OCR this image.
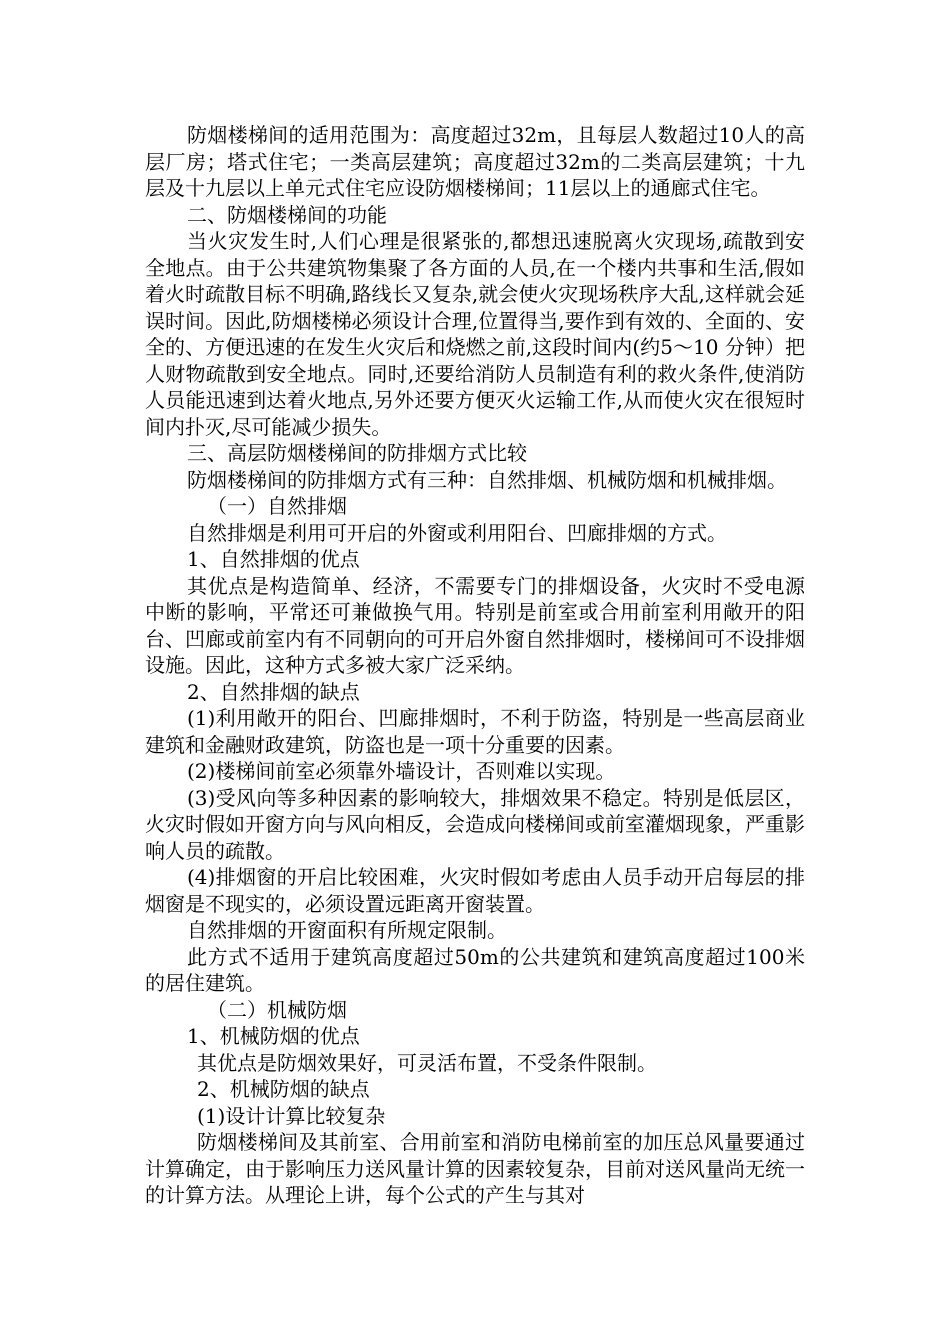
防烟楼梯间的适用范围为：高度超过32m，且每层人数超过10人的高层厂房；塔式住宅；一类高层建筑；高度超过32m的二类高层建筑；十九层及十九层以上单元式住宅应设防烟楼梯间；11层以上的通廊式住宅。

二、防烟楼梯间的功能

当火灾发生时,人们心理是很紧张的,都想迅速脱离火灾现场,疏散到安全地点。由于公共建筑物集聚了各方面的人员,在一个楼内共事和生活,假如着火时疏散目标不明确,路线长又复杂,就会使火灾现场秩序大乱,这样就会延误时间。因此,防烟楼梯必须设计合理,位置得当,要作到有效的、全面的、安全的、方便迅速的在发生火灾后和烧燃之前,这段时间内(约5～10 分钟）把人财物疏散到安全地点。同时,还要给消防人员制造有利的救火条件,使消防人员能迅速到达着火地点,另外还要方便灭火运输工作,从而使火灾在很短时间内扑灭,尽可能减少损失。

三、高层防烟楼梯间的防排烟方式比较

防烟楼梯间的防排烟方式有三种：自然排烟、机械防烟和机械排烟。

（一）自然排烟

自然排烟是利用可开启的外窗或利用阳台、凹廊排烟的方式。

1、自然排烟的优点

其优点是构造简单、经济，不需要专门的排烟设备，火灾时不受电源中断的影响，平常还可兼做换气用。特别是前室或合用前室利用敞开的阳台、凹廊或前室内有不同朝向的可开启外窗自然排烟时，楼梯间可不设排烟设施。因此，这种方式多被大家广泛采纳。

2、自然排烟的缺点

(1)利用敞开的阳台、凹廊排烟时，不利于防盗，特别是一些高层商业建筑和金融财政建筑，防盗也是一项十分重要的因素。

(2)楼梯间前室必须靠外墙设计，否则难以实现。

(3)受风向等多种因素的影响较大，排烟效果不稳定。特别是低层区，火灾时假如开窗方向与风向相反，会造成向楼梯间或前室灌烟现象，严重影响人员的疏散。

(4)排烟窗的开启比较困难，火灾时假如考虑由人员手动开启每层的排烟窗是不现实的，必须设置远距离开窗装置。

自然排烟的开窗面积有所规定限制。

此方式不适用于建筑高度超过50m的公共建筑和建筑高度超过100米的居住建筑。

（二）机械防烟

1、机械防烟的优点

其优点是防烟效果好，可灵活布置，不受条件限制。

2、机械防烟的缺点

(1)设计计算比较复杂

防烟楼梯间及其前室、合用前室和消防电梯前室的加压总风量要通过计算确定，由于影响压力送风量计算的因素较复杂，目前对送风量尚无统一的计算方法。从理论上讲，每个公式的产生与其对
